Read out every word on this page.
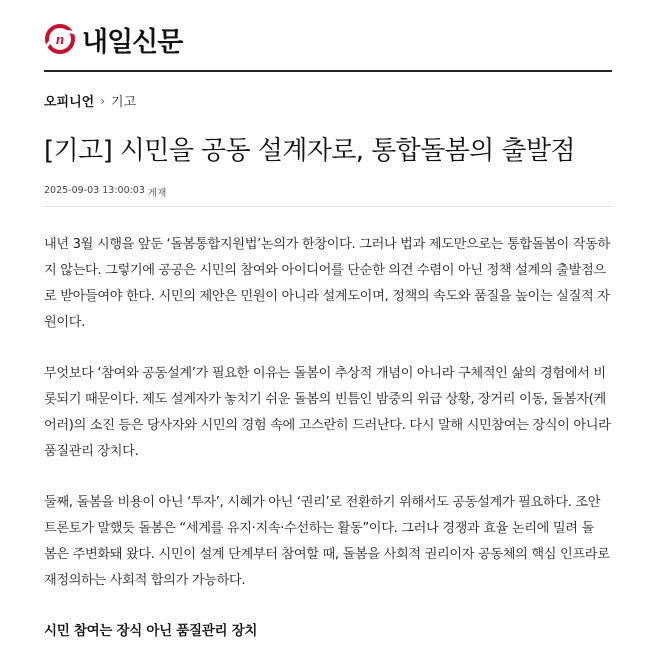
n 내일신문
오피니언 › 기고
[기고] 시민을 공동 설계자로, 통합돌봄의 출발점
2025-09-03 13:00:03 게재

내년 3월 시행을 앞둔 ‘돌봄통합지원법’논의가 한창이다. 그러나 법과 제도만으로는 통합돌봄이 작동하
지 않는다. 그렇기에 공공은 시민의 참여와 아이디어를 단순한 의견 수렴이 아닌 정책 설계의 출발점으
로 받아들여야 한다. 시민의 제안은 민원이 아니라 설계도이며, 정책의 속도와 품질을 높이는 실질적 자
원이다.

무엇보다 ‘참여와 공동설계’가 필요한 이유는 돌봄이 추상적 개념이 아니라 구체적인 삶의 경험에서 비
롯되기 때문이다. 제도 설계자가 놓치기 쉬운 돌봄의 빈틈인 밤중의 위급 상황, 장거리 이동, 돌봄자(케
어러)의 소진 등은 당사자와 시민의 경험 속에 고스란히 드러난다. 다시 말해 시민참여는 장식이 아니라
품질관리 장치다.

둘째, 돌봄을 비용이 아닌 ‘투자’, 시혜가 아닌 ‘권리’로 전환하기 위해서도 공동설계가 필요하다. 조안
트론토가 말했듯 돌봄은 “세계를 유지·지속·수선하는 활동”이다. 그러나 경쟁과 효율 논리에 밀려 돌
봄은 주변화돼 왔다. 시민이 설계 단계부터 참여할 때, 돌봄을 사회적 권리이자 공동체의 핵심 인프라로
재정의하는 사회적 합의가 가능하다.

시민 참여는 장식 아닌 품질관리 장치
